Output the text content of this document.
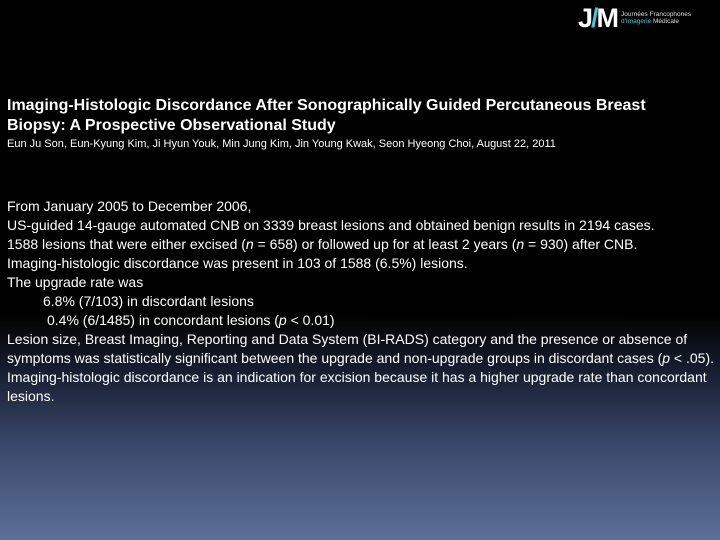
J/M Journées Francophones
d'Imagerie Médicale
Imaging-Histologic Discordance After Sonographically Guided Percutaneous Breast Biopsy: A Prospective Observational Study
Eun Ju Son, Eun-Kyung Kim, Ji Hyun Youk, Min Jung Kim, Jin Young Kwak, Seon Hyeong Choi, August 22, 2011

From January 2005 to December 2006,

US-guided 14-gauge automated CNB on 3339 breast lesions and obtained benign results in 2194 cases.

1588 lesions that were either excised (n = 658) or followed up for at least 2 years (n = 930) after CNB.

Imaging-histologic discordance was present in 103 of 1588 (6.5%) lesions.

The upgrade rate was

6.8% (7/103) in discordant lesions

0.4% (6/1485) in concordant lesions (p < 0.01)

Lesion size, Breast Imaging, Reporting and Data System (BI-RADS) category and the presence or absence of symptoms was statistically significant between the upgrade and non-upgrade groups in discordant cases (p < .05).

Imaging-histologic discordance is an indication for excision because it has a higher upgrade rate than concordant lesions.
